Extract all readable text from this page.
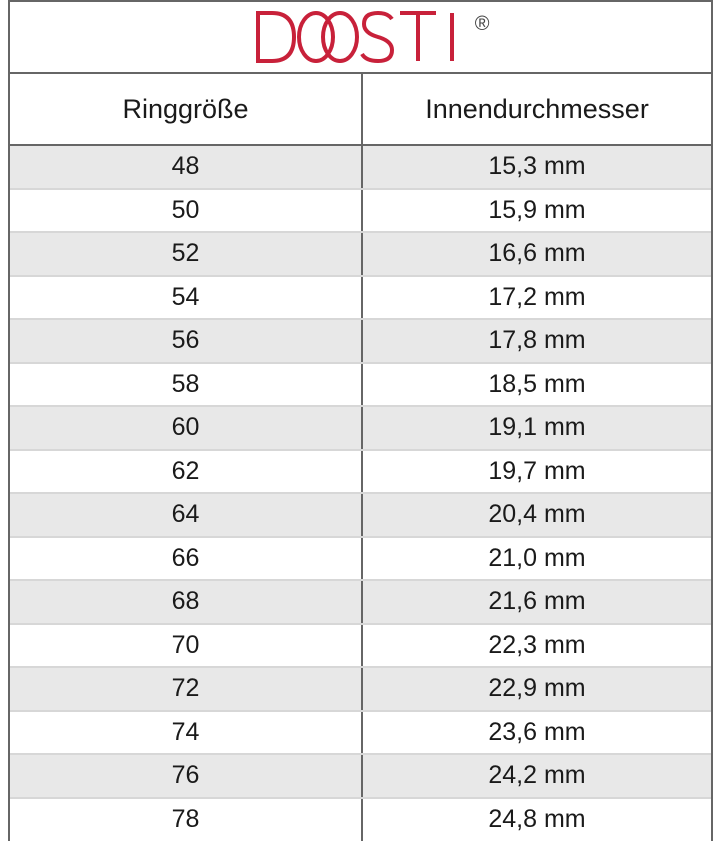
®
Ringgröße	Innendurchmesser
48	15,3 mm
50	15,9 mm
52	16,6 mm
54	17,2 mm
56	17,8 mm
58	18,5 mm
60	19,1 mm
62	19,7 mm
64	20,4 mm
66	21,0 mm
68	21,6 mm
70	22,3 mm
72	22,9 mm
74	23,6 mm
76	24,2 mm
78	24,8 mm
